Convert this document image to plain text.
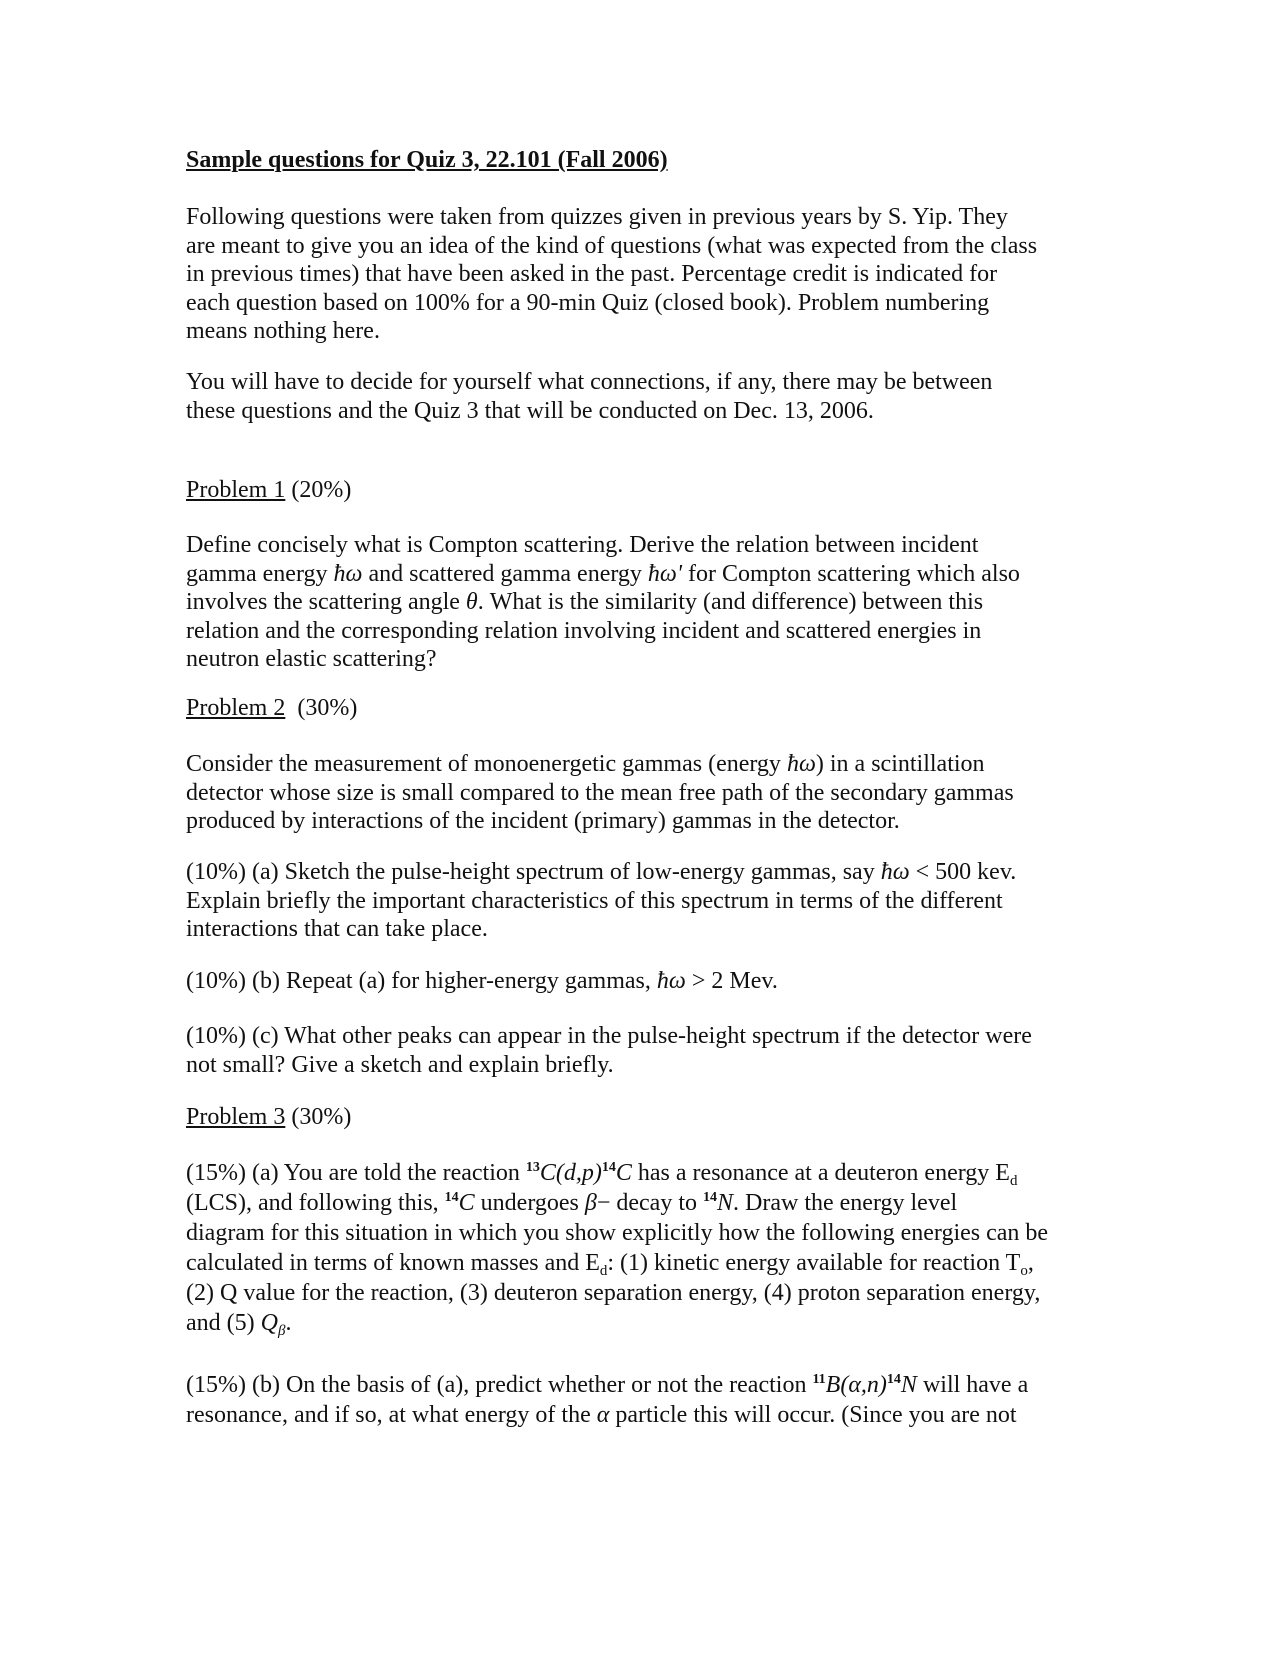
Sample questions for Quiz 3, 22.101 (Fall 2006)
Following questions were taken from quizzes given in previous years by S. Yip. They
are meant to give you an idea of the kind of questions (what was expected from the class
in previous times) that have been asked in the past. Percentage credit is indicated for
each question based on 100% for a 90-min Quiz (closed book). Problem numbering
means nothing here.
You will have to decide for yourself what connections, if any, there may be between
these questions and the Quiz 3 that will be conducted on Dec. 13, 2006.
Problem 1 (20%)
Define concisely what is Compton scattering. Derive the relation between incident
gamma energy ħω and scattered gamma energy ħω' for Compton scattering which also
involves the scattering angle θ. What is the similarity (and difference) between this
relation and the corresponding relation involving incident and scattered energies in
neutron elastic scattering?
Problem 2 (30%)
Consider the measurement of monoenergetic gammas (energy ħω) in a scintillation
detector whose size is small compared to the mean free path of the secondary gammas
produced by interactions of the incident (primary) gammas in the detector.
(10%) (a) Sketch the pulse-height spectrum of low-energy gammas, say ħω < 500 kev.
Explain briefly the important characteristics of this spectrum in terms of the different
interactions that can take place.
(10%) (b) Repeat (a) for higher-energy gammas, ħω > 2 Mev.
(10%) (c) What other peaks can appear in the pulse-height spectrum if the detector were
not small? Give a sketch and explain briefly.
Problem 3 (30%)
(15%) (a) You are told the reaction $^{13}C(d,p)^{14}C$ has a resonance at a deuteron energy $E_d$
(LCS), and following this, $^{14}$C undergoes β− decay to $^{14}$N. Draw the energy level
diagram for this situation in which you show explicitly how the following energies can be
calculated in terms of known masses and $E_d$: (1) kinetic energy available for reaction $T_o$,
(2) Q value for the reaction, (3) deuteron separation energy, (4) proton separation energy,
and (5) $Q_\beta$.
(15%) (b) On the basis of (a), predict whether or not the reaction $^{11}B(\alpha,n)^{14}N$ will have a
resonance, and if so, at what energy of the α particle this will occur. (Since you are not
